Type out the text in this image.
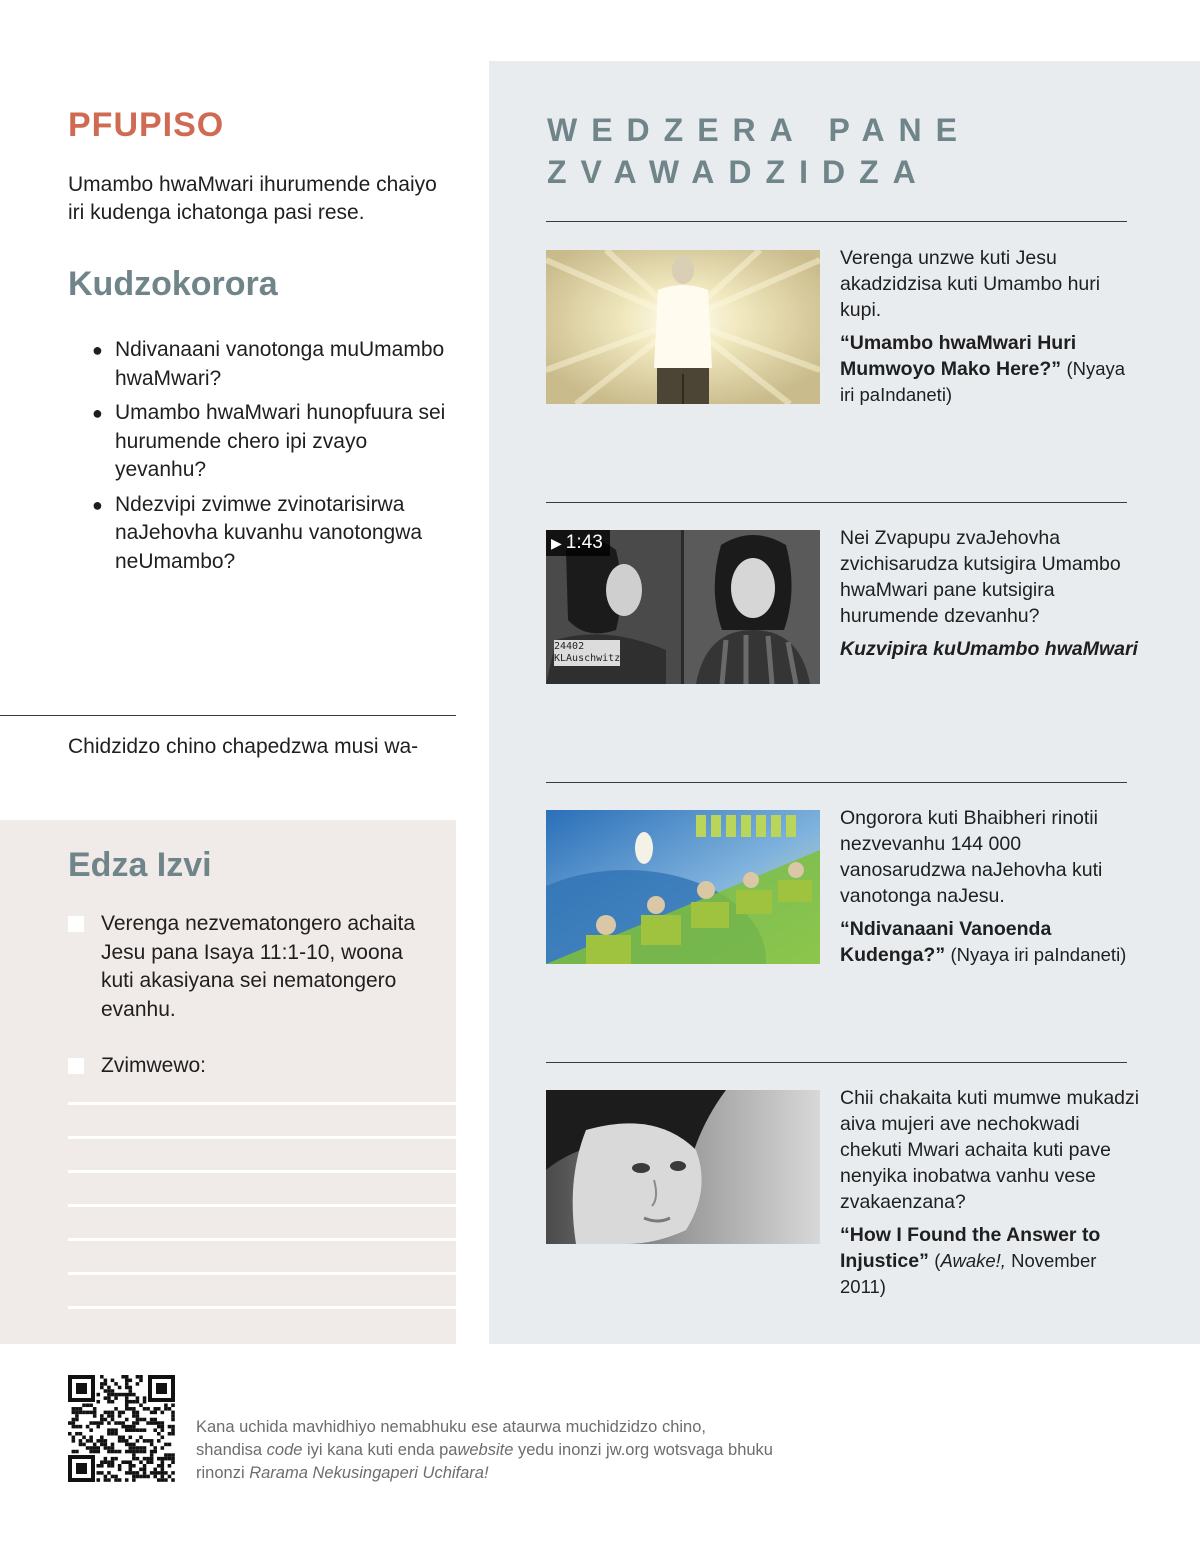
PFUPISO
Umambo hwaMwari ihurumende chaiyo iri kudenga ichatonga pasi rese.
Kudzokorora
● Ndivanaani vanotonga muUmambo hwaMwari?
● Umambo hwaMwari hunopfuura sei hurumende chero ipi zvayo yevanhu?
● Ndezvipi zvimwe zvinotarisirwa naJehovha kuvanhu vanotongwa neUmambo?
Chidzidzo chino chapedzwa musi wa-
Edza Izvi
Verenga nezvematongero achaita Jesu pana Isaya 11:1-10, woona kuti akasiyana sei nematongero evanhu.
Zvimwewo:
WEDZERA PANE ZVAWADZIDZA
Verenga unzwe kuti Jesu akadzidzisa kuti Umambo huri kupi.
“Umambo hwaMwari Huri Mumwoyo Mako Here?” (Nyaya iri paIndaneti)
24402 KLAuschwitz
▶ 1:43	Nei Zvapupu zvaJehovha zvichisarudza kutsigira Umambo hwaMwari pane kutsigira hurumende dzevanhu?
Kuzvipira kuUmambo hwaMwari
Ongorora kuti Bhaibheri rinotii nezvevanhu 144 000 vanosarudzwa naJehovha kuti vanotonga naJesu.
“Ndivanaani Vanoenda Kudenga?” (Nyaya iri paIndaneti)
Chii chakaita kuti mumwe mukadzi aiva mujeri ave nechokwadi chekuti Mwari achaita kuti pave nenyika inobatwa vanhu vese zvakaenzana?
“How I Found the Answer to Injustice” (Awake!, November 2011)
Kana uchida mavhidhiyo nemabhuku ese ataurwa muchidzidzo chino, shandisa code iyi kana kuti enda pawebsite yedu inonzi jw.org wotsvaga bhuku rinonzi Rarama Nekusingaperi Uchifara!
